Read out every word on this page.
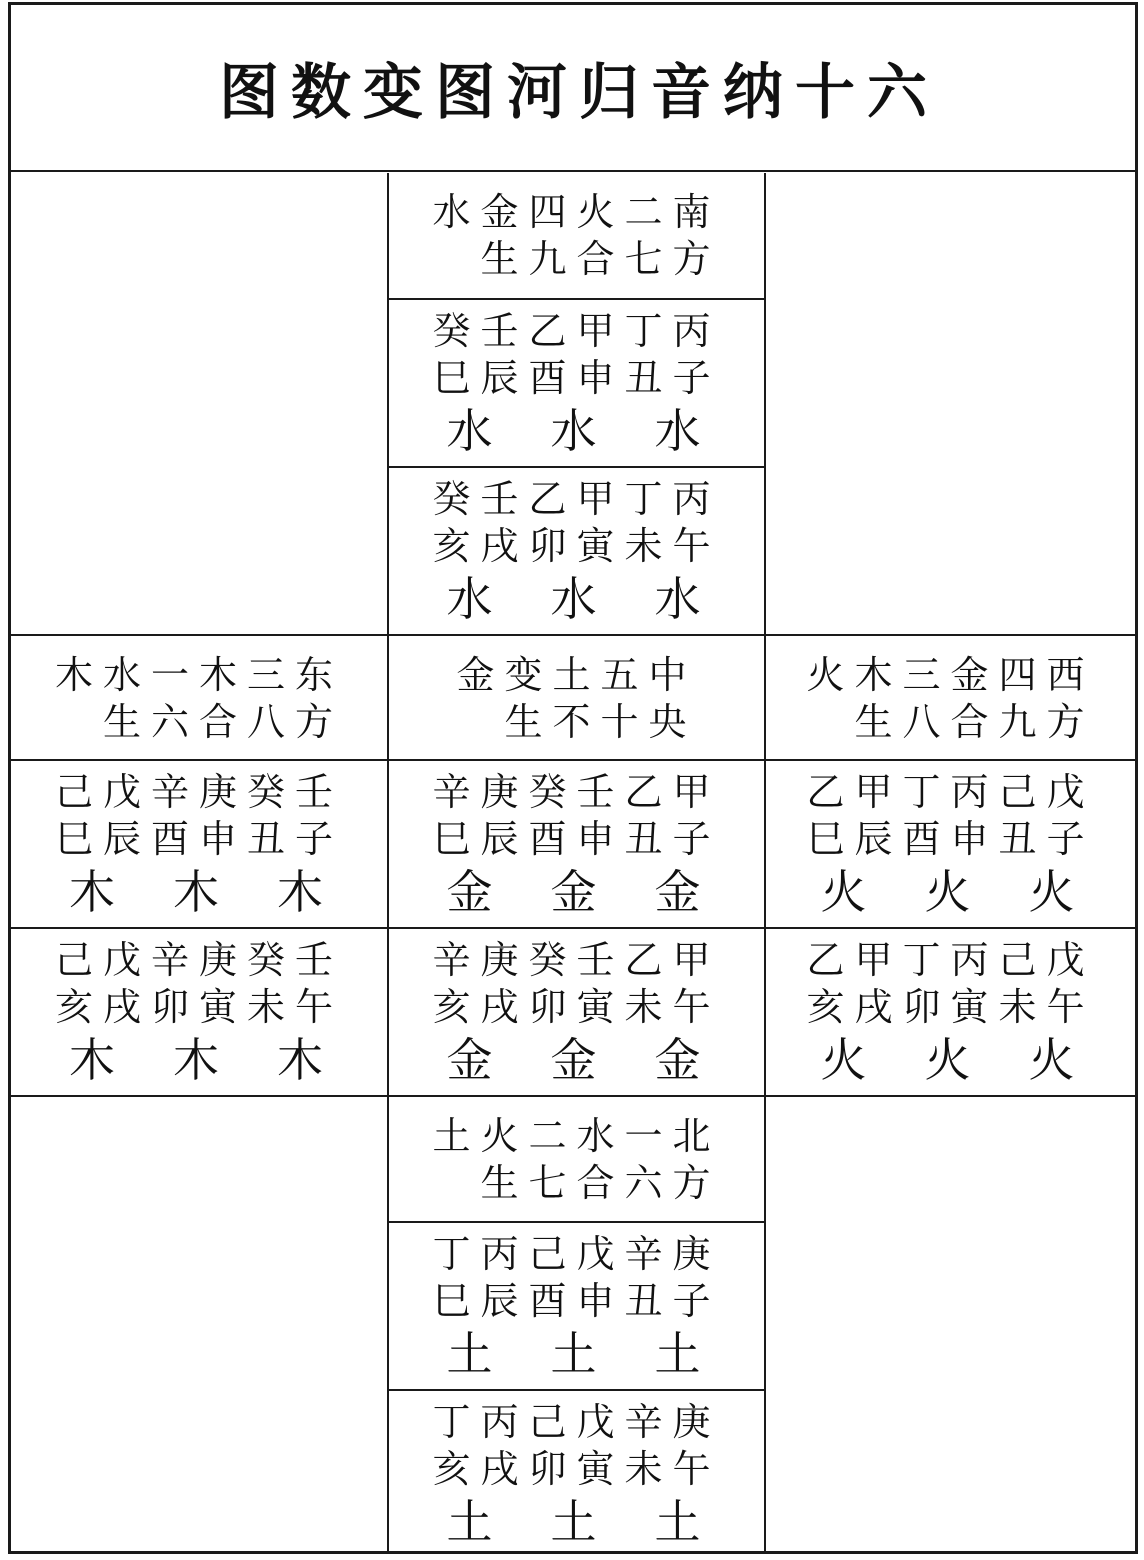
图数变图河归音纳十六
水金四火二南
　生九合七方
癸壬乙甲丁丙
巳辰酉申丑子
水　水　水
癸壬乙甲丁丙
亥戌卯寅未午
水　水　水
木水一木三东
　生六合八方
己戊辛庚癸壬
巳辰酉申丑子
木　木　木
己戊辛庚癸壬
亥戌卯寅未午
木　木　木
金变土五中
　生不十央
辛庚癸壬乙甲
巳辰酉申丑子
金　金　金
辛庚癸壬乙甲
亥戌卯寅未午
金　金　金
火木三金四西
　生八合九方
乙甲丁丙己戊
巳辰酉申丑子
火　火　火
乙甲丁丙己戊
亥戌卯寅未午
火　火　火
土火二水一北
　生七合六方
丁丙己戊辛庚
巳辰酉申丑子
土　土　土
丁丙己戊辛庚
亥戌卯寅未午
土　土　土
